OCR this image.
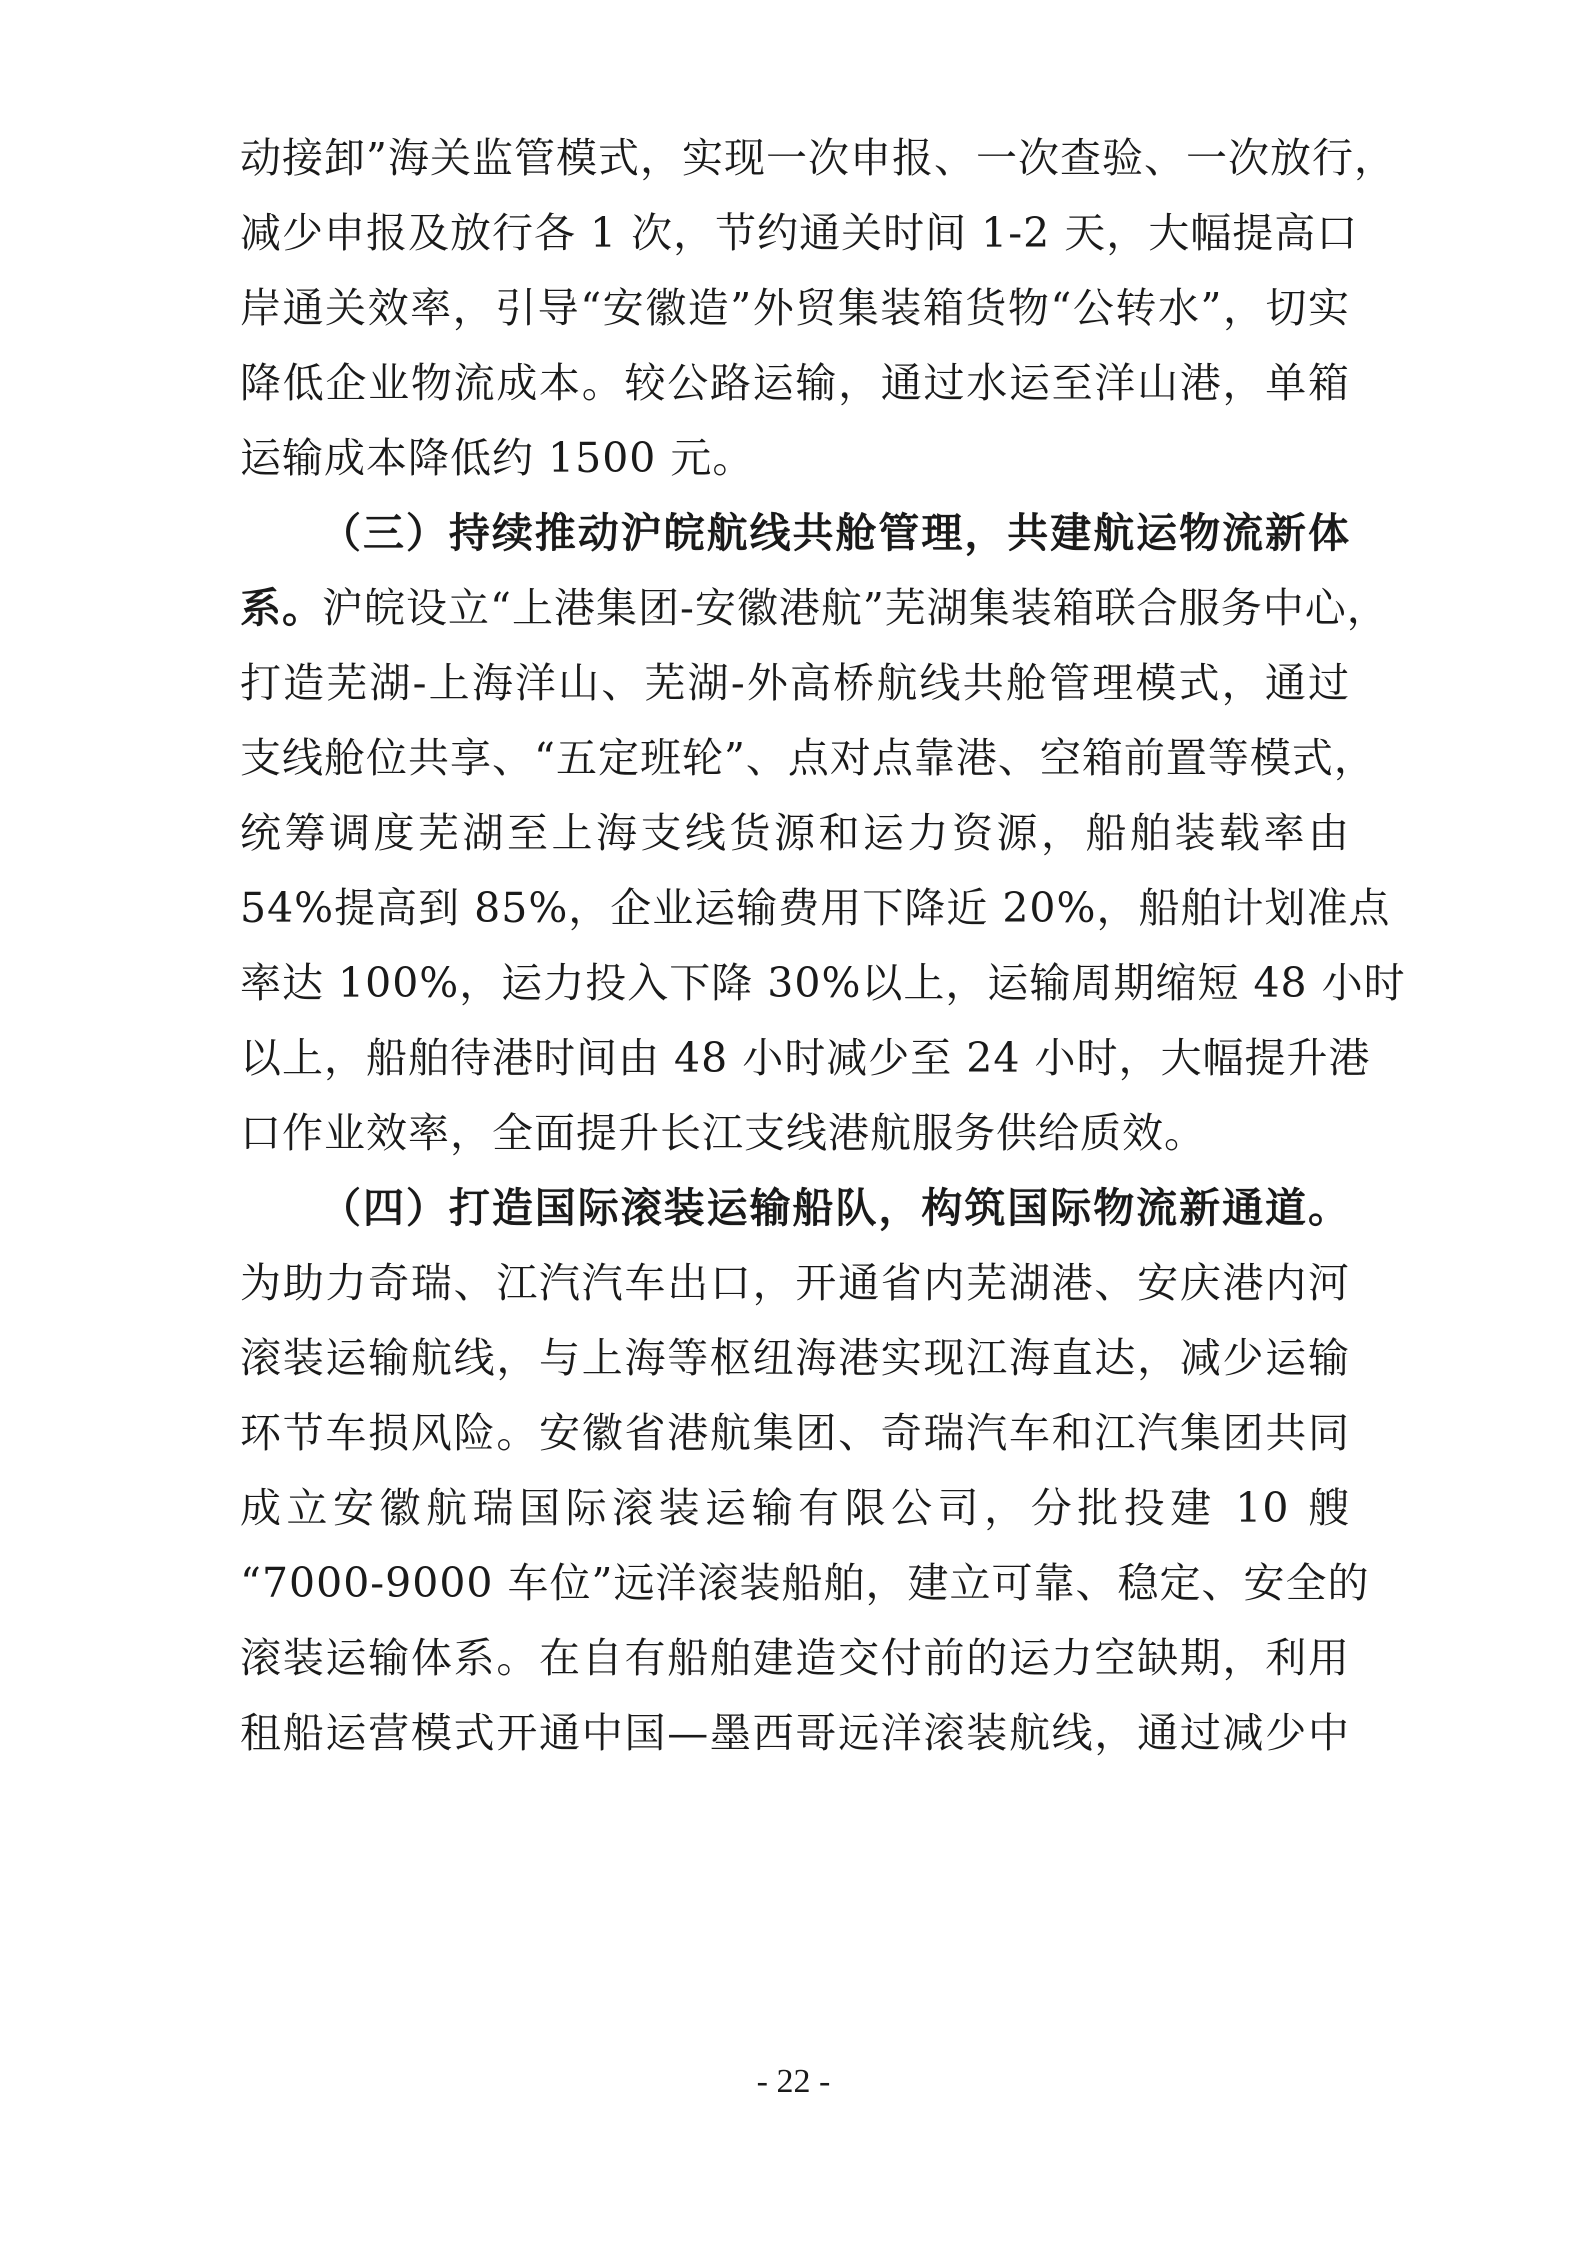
动接卸”海关监管模式，实现一次申报、一次查验、一次放行，
减少申报及放行各 1 次，节约通关时间 1-2 天，大幅提高口
岸通关效率，引导“安徽造”外贸集装箱货物“公转水”，切实
降低企业物流成本。较公路运输，通过水运至洋山港，单箱
运输成本降低约 1500 元。
（三）持续推动沪皖航线共舱管理，共建航运物流新体
系。
沪皖设立“上港集团-安徽港航”芜湖集装箱联合服务中心，
打造芜湖-上海洋山、芜湖-外高桥航线共舱管理模式，通过
支线舱位共享、“五定班轮”、点对点靠港、空箱前置等模式，
统筹调度芜湖至上海支线货源和运力资源，船舶装载率由
54%提高到 85%，企业运输费用下降近 20%，船舶计划准点
率达 100%，运力投入下降 30%以上，运输周期缩短 48 小时
以上，船舶待港时间由 48 小时减少至 24 小时，大幅提升港
口作业效率，全面提升长江支线港航服务供给质效。
（四）打造国际滚装运输船队，构筑国际物流新通道。
为助力奇瑞、江汽汽车出口，开通省内芜湖港、安庆港内河
滚装运输航线，与上海等枢纽海港实现江海直达，减少运输
环节车损风险。安徽省港航集团、奇瑞汽车和江汽集团共同
成立安徽航瑞国际滚装运输有限公司，分批投建 10 艘
“7000-9000 车位”远洋滚装船舶，建立可靠、稳定、安全的
滚装运输体系。在自有船舶建造交付前的运力空缺期，利用
租船运营模式开通中国—墨西哥远洋滚装航线，通过减少中
- 22 -
